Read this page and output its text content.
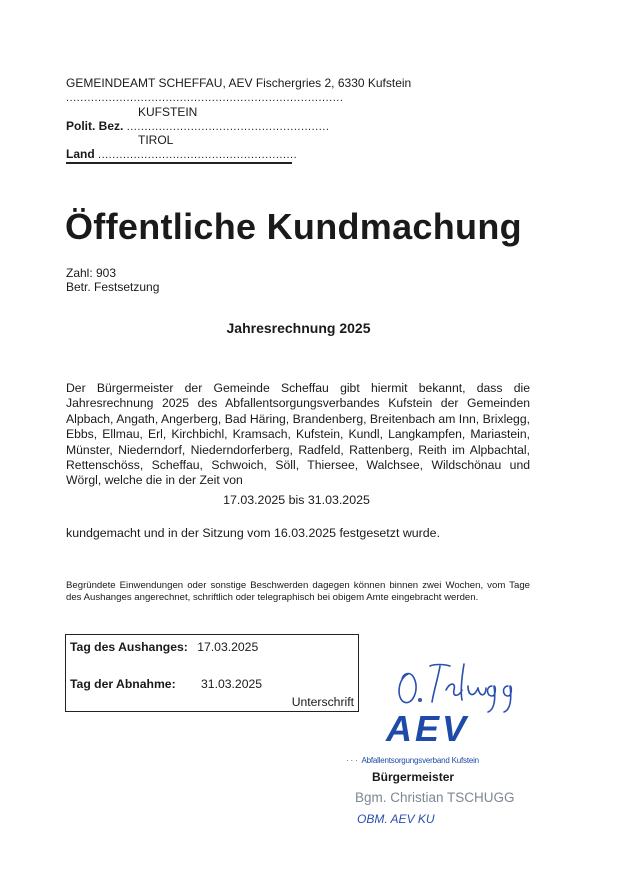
GEMEINDEAMT SCHEFFAU, AEV Fischergries 2, 6330 Kufstein
..............................................................................
KUFSTEIN
Polit. Bez. .........................................................
TIROL
Land ........................................................
Öffentliche Kundmachung
Zahl: 903
Betr. Festsetzung
Jahresrechnung 2025
Der Bürgermeister der Gemeinde Scheffau gibt hiermit bekannt, dass die Jahresrechnung 2025 des Abfallentsorgungsverbandes Kufstein der Gemeinden Alpbach, Angath, Angerberg, Bad Häring, Brandenberg, Breitenbach am Inn, Brixlegg, Ebbs, Ellmau, Erl, Kirchbichl, Kramsach, Kufstein, Kundl, Langkampfen, Mariastein, Münster, Niederndorf, Niederndorferberg, Radfeld, Rattenberg, Reith im Alpbachtal, Rettenschöss, Scheffau, Schwoich, Söll, Thiersee, Walchsee, Wildschönau und Wörgl, welche die in der Zeit von
17.03.2025 bis 31.03.2025
kundgemacht und in der Sitzung vom 16.03.2025 festgesetzt wurde.
Begründete Einwendungen oder sonstige Beschwerden dagegen können binnen zwei Wochen, vom Tage des Aushanges angerechnet, schriftlich oder telegraphisch bei obigem Amte eingebracht werden.
Tag des Aushanges: 17.03.2025
Tag der Abnahme: 31.03.2025
Unterschrift
AEV
· · · Abfallentsorgungsverband Kufstein
Bürgermeister
Bgm. Christian TSCHUGG
OBM. AEV KU
